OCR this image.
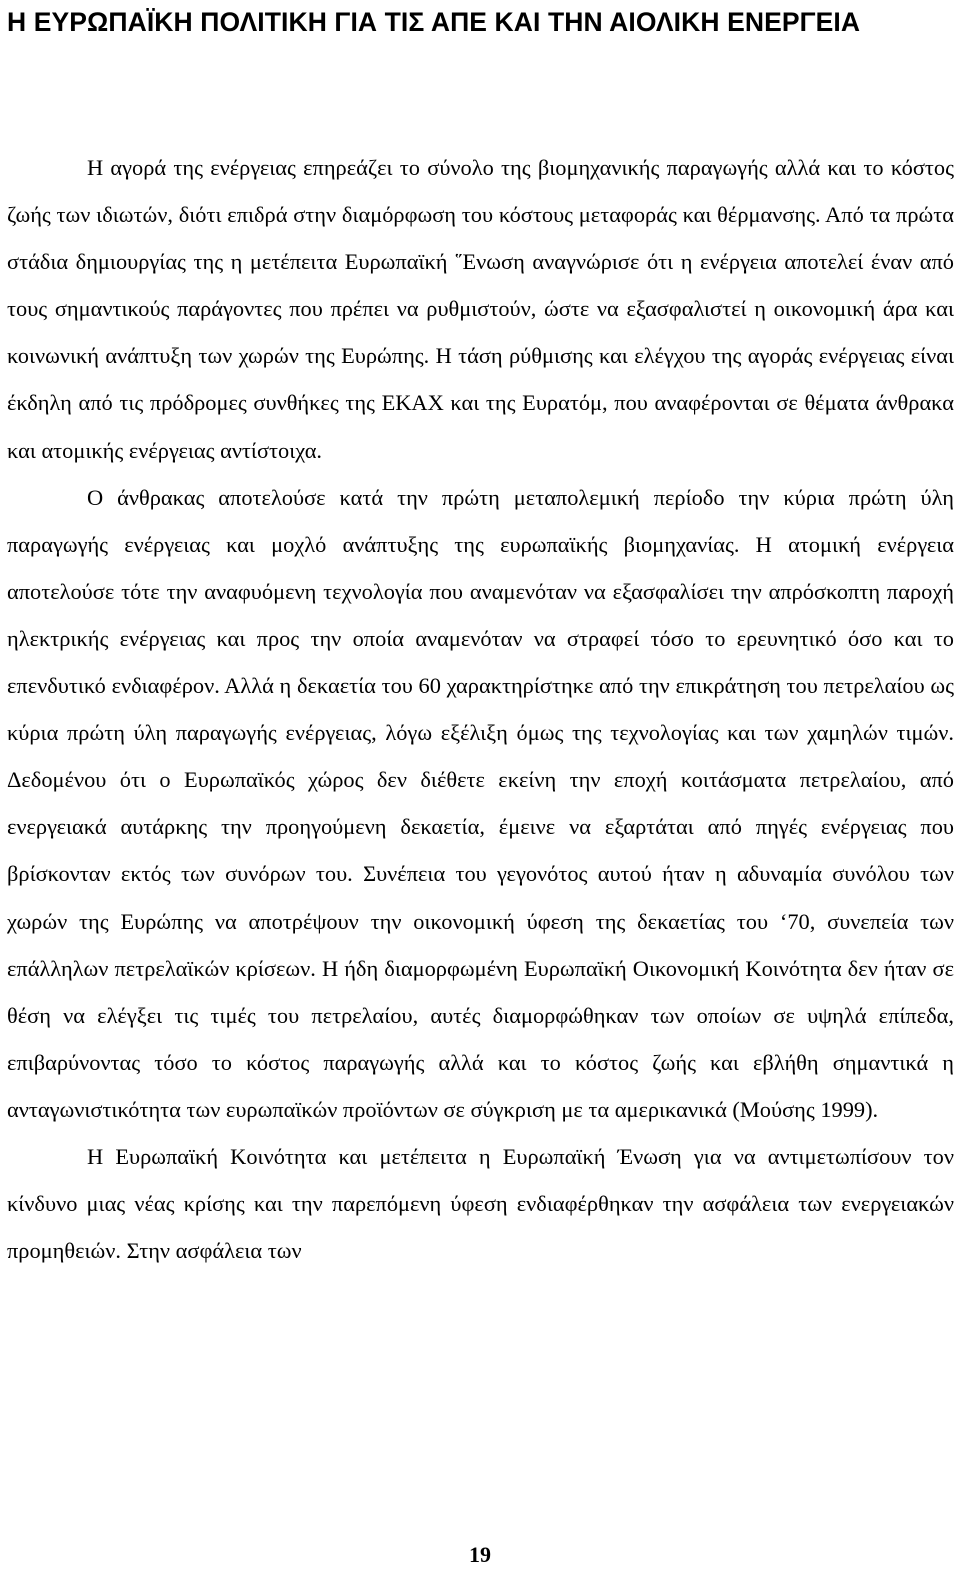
Η ΕΥΡΩΠΑΪΚΗ ΠΟΛΙΤΙΚΗ ΓΙΑ ΤΙΣ ΑΠΕ ΚΑΙ ΤΗΝ ΑΙΟΛΙΚΗ ΕΝΕΡΓΕΙΑ

Η αγορά της ενέργειας επηρεάζει το σύνολο της βιομηχανικής παραγωγής αλλά και το κόστος ζωής των ιδιωτών, διότι επιδρά στην διαμόρφωση του κόστους μεταφοράς και θέρμανσης. Από τα πρώτα στάδια δημιουργίας της η μετέπειτα Ευρωπαϊκή ῞Ενωση αναγνώρισε ότι η ενέργεια αποτελεί έναν από τους σημαντικούς παράγοντες που πρέπει να ρυθμιστούν, ώστε να εξασφαλιστεί η οικονομική άρα και κοινωνική ανάπτυξη των χωρών της Ευρώπης. Η τάση ρύθμισης και ελέγχου της αγοράς ενέργειας είναι έκδηλη από τις πρόδρομες συνθήκες της ΕΚΑΧ και της Ευρατόμ, που αναφέρονται σε θέματα άνθρακα και ατομικής ενέργειας αντίστοιχα.

Ο άνθρακας αποτελούσε κατά την πρώτη μεταπολεμική περίοδο την κύρια πρώτη ύλη παραγωγής ενέργειας και μοχλό ανάπτυξης της ευρωπαϊκής βιομηχανίας. Η ατομική ενέργεια αποτελούσε τότε την αναφυόμενη τεχνολογία που αναμενόταν να εξασφαλίσει την απρόσκοπτη παροχή ηλεκτρικής ενέργειας και προς την οποία αναμενόταν να στραφεί τόσο το ερευνητικό όσο και το επενδυτικό ενδιαφέρον. Αλλά η δεκαετία του 60 χαρακτηρίστηκε από την επικράτηση του πετρελαίου ως κύρια πρώτη ύλη παραγωγής ενέργειας, λόγω εξέλιξη όμως της τεχνολογίας και των χαμηλών τιμών. Δεδομένου ότι ο Ευρωπαϊκός χώρος δεν διέθετε εκείνη την εποχή κοιτάσματα πετρελαίου, από ενεργειακά αυτάρκης την προηγούμενη δεκαετία, έμεινε να εξαρτάται από πηγές ενέργειας που βρίσκονταν εκτός των συνόρων του. Συνέπεια του γεγονότος αυτού ήταν η αδυναμία συνόλου των χωρών της Ευρώπης να αποτρέψουν την οικονομική ύφεση της δεκαετίας του ‘70, συνεπεία των επάλληλων πετρελαϊκών κρίσεων. Η ήδη διαμορφωμένη Ευρωπαϊκή Οικονομική Κοινότητα δεν ήταν σε θέση να ελέγξει τις τιμές του πετρελαίου, αυτές διαμορφώθηκαν των οποίων σε υψηλά επίπεδα, επιβαρύνοντας τόσο το κόστος παραγωγής αλλά και το κόστος ζωής και εβλήθη σημαντικά η ανταγωνιστικότητα των ευρωπαϊκών προϊόντων σε σύγκριση με τα αμερικανικά (Μούσης 1999).

Η Ευρωπαϊκή Κοινότητα και μετέπειτα η Ευρωπαϊκή Ένωση για να αντιμετωπίσουν τον κίνδυνο μιας νέας κρίσης και την παρεπόμενη ύφεση ενδιαφέρθηκαν την ασφάλεια των ενεργειακών προμηθειών. Στην ασφάλεια των

19
